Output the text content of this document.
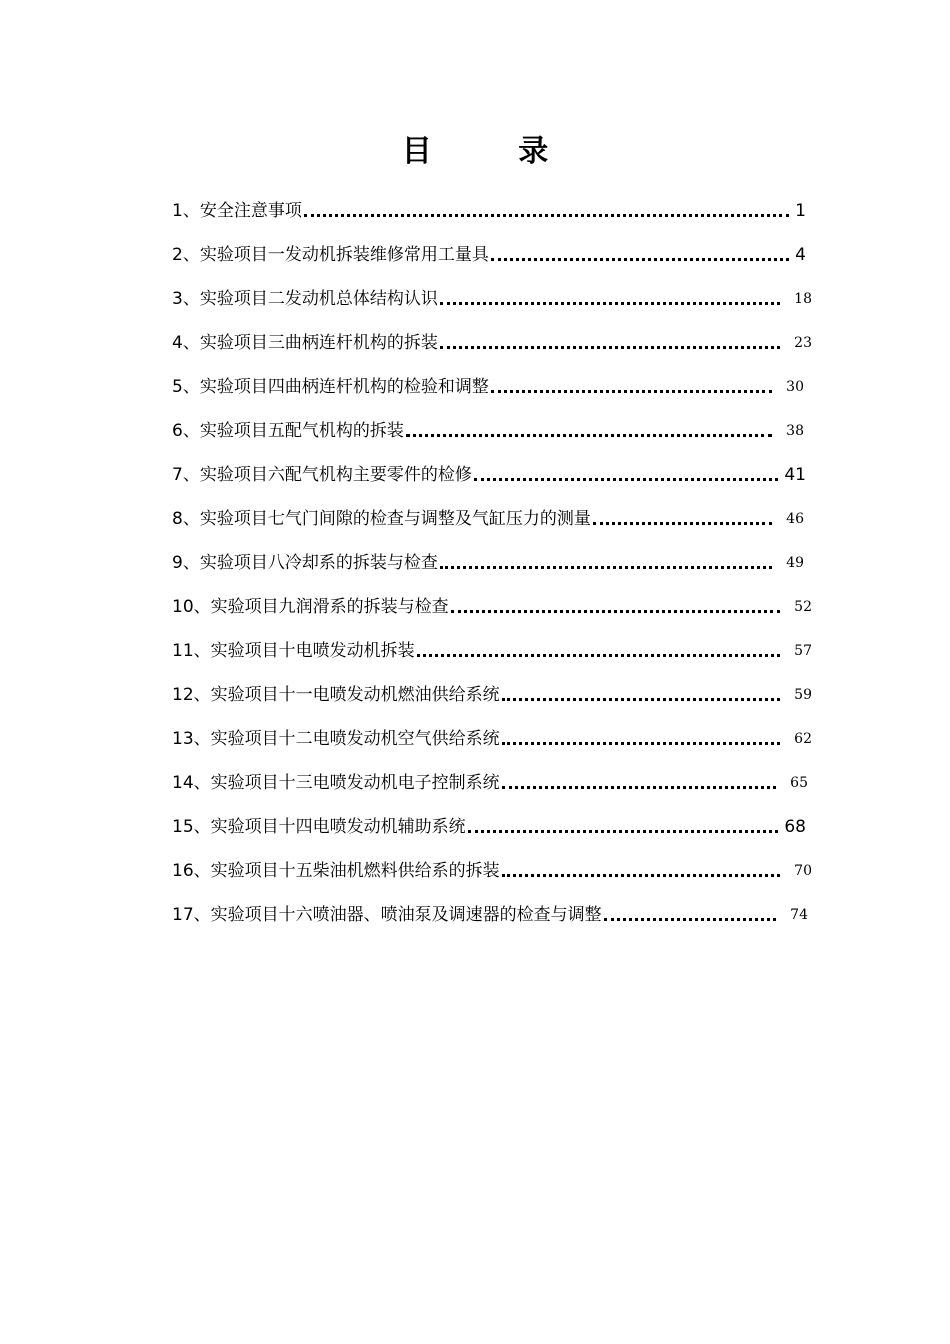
目 录
1、安全注意事项	1
2、实验项目一发动机拆装维修常用工量具	4
3、实验项目二发动机总体结构认识	18
4、实验项目三曲柄连杆机构的拆装	23
5、实验项目四曲柄连杆机构的检验和调整	30
6、实验项目五配气机构的拆装	38
7、实验项目六配气机构主要零件的检修	41
8、实验项目七气门间隙的检查与调整及气缸压力的测量	46
9、实验项目八冷却系的拆装与检查	49
10、实验项目九润滑系的拆装与检查	52
11、实验项目十电喷发动机拆装	57
12、实验项目十一电喷发动机燃油供给系统	59
13、实验项目十二电喷发动机空气供给系统	62
14、实验项目十三电喷发动机电子控制系统	65
15、实验项目十四电喷发动机辅助系统	68
16、实验项目十五柴油机燃料供给系的拆装	70
17、实验项目十六喷油器、喷油泵及调速器的检查与调整	74
